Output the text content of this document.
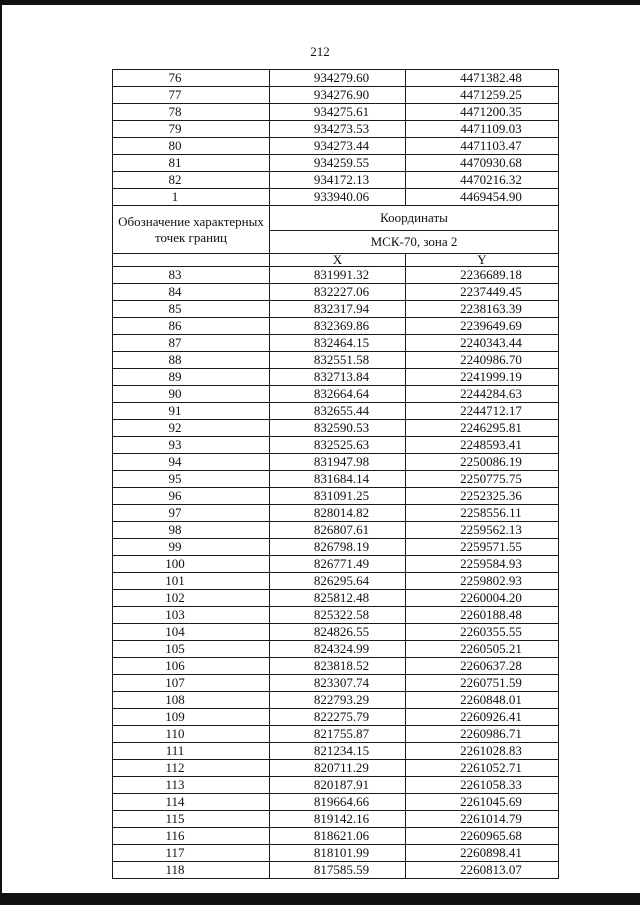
212
76	934279.60	4471382.48
77	934276.90	4471259.25
78	934275.61	4471200.35
79	934273.53	4471109.03
80	934273.44	4471103.47
81	934259.55	4470930.68
82	934172.13	4470216.32
1	933940.06	4469454.90
Обозначение характерных точек границ	Координаты	
	МСК-70, зона 2	
	X	Y
83	831991.32	2236689.18
84	832227.06	2237449.45
85	832317.94	2238163.39
86	832369.86	2239649.69
87	832464.15	2240343.44
88	832551.58	2240986.70
89	832713.84	2241999.19
90	832664.64	2244284.63
91	832655.44	2244712.17
92	832590.53	2246295.81
93	832525.63	2248593.41
94	831947.98	2250086.19
95	831684.14	2250775.75
96	831091.25	2252325.36
97	828014.82	2258556.11
98	826807.61	2259562.13
99	826798.19	2259571.55
100	826771.49	2259584.93
101	826295.64	2259802.93
102	825812.48	2260004.20
103	825322.58	2260188.48
104	824826.55	2260355.55
105	824324.99	2260505.21
106	823818.52	2260637.28
107	823307.74	2260751.59
108	822793.29	2260848.01
109	822275.79	2260926.41
110	821755.87	2260986.71
111	821234.15	2261028.83
112	820711.29	2261052.71
113	820187.91	2261058.33
114	819664.66	2261045.69
115	819142.16	2261014.79
116	818621.06	2260965.68
117	818101.99	2260898.41
118	817585.59	2260813.07
